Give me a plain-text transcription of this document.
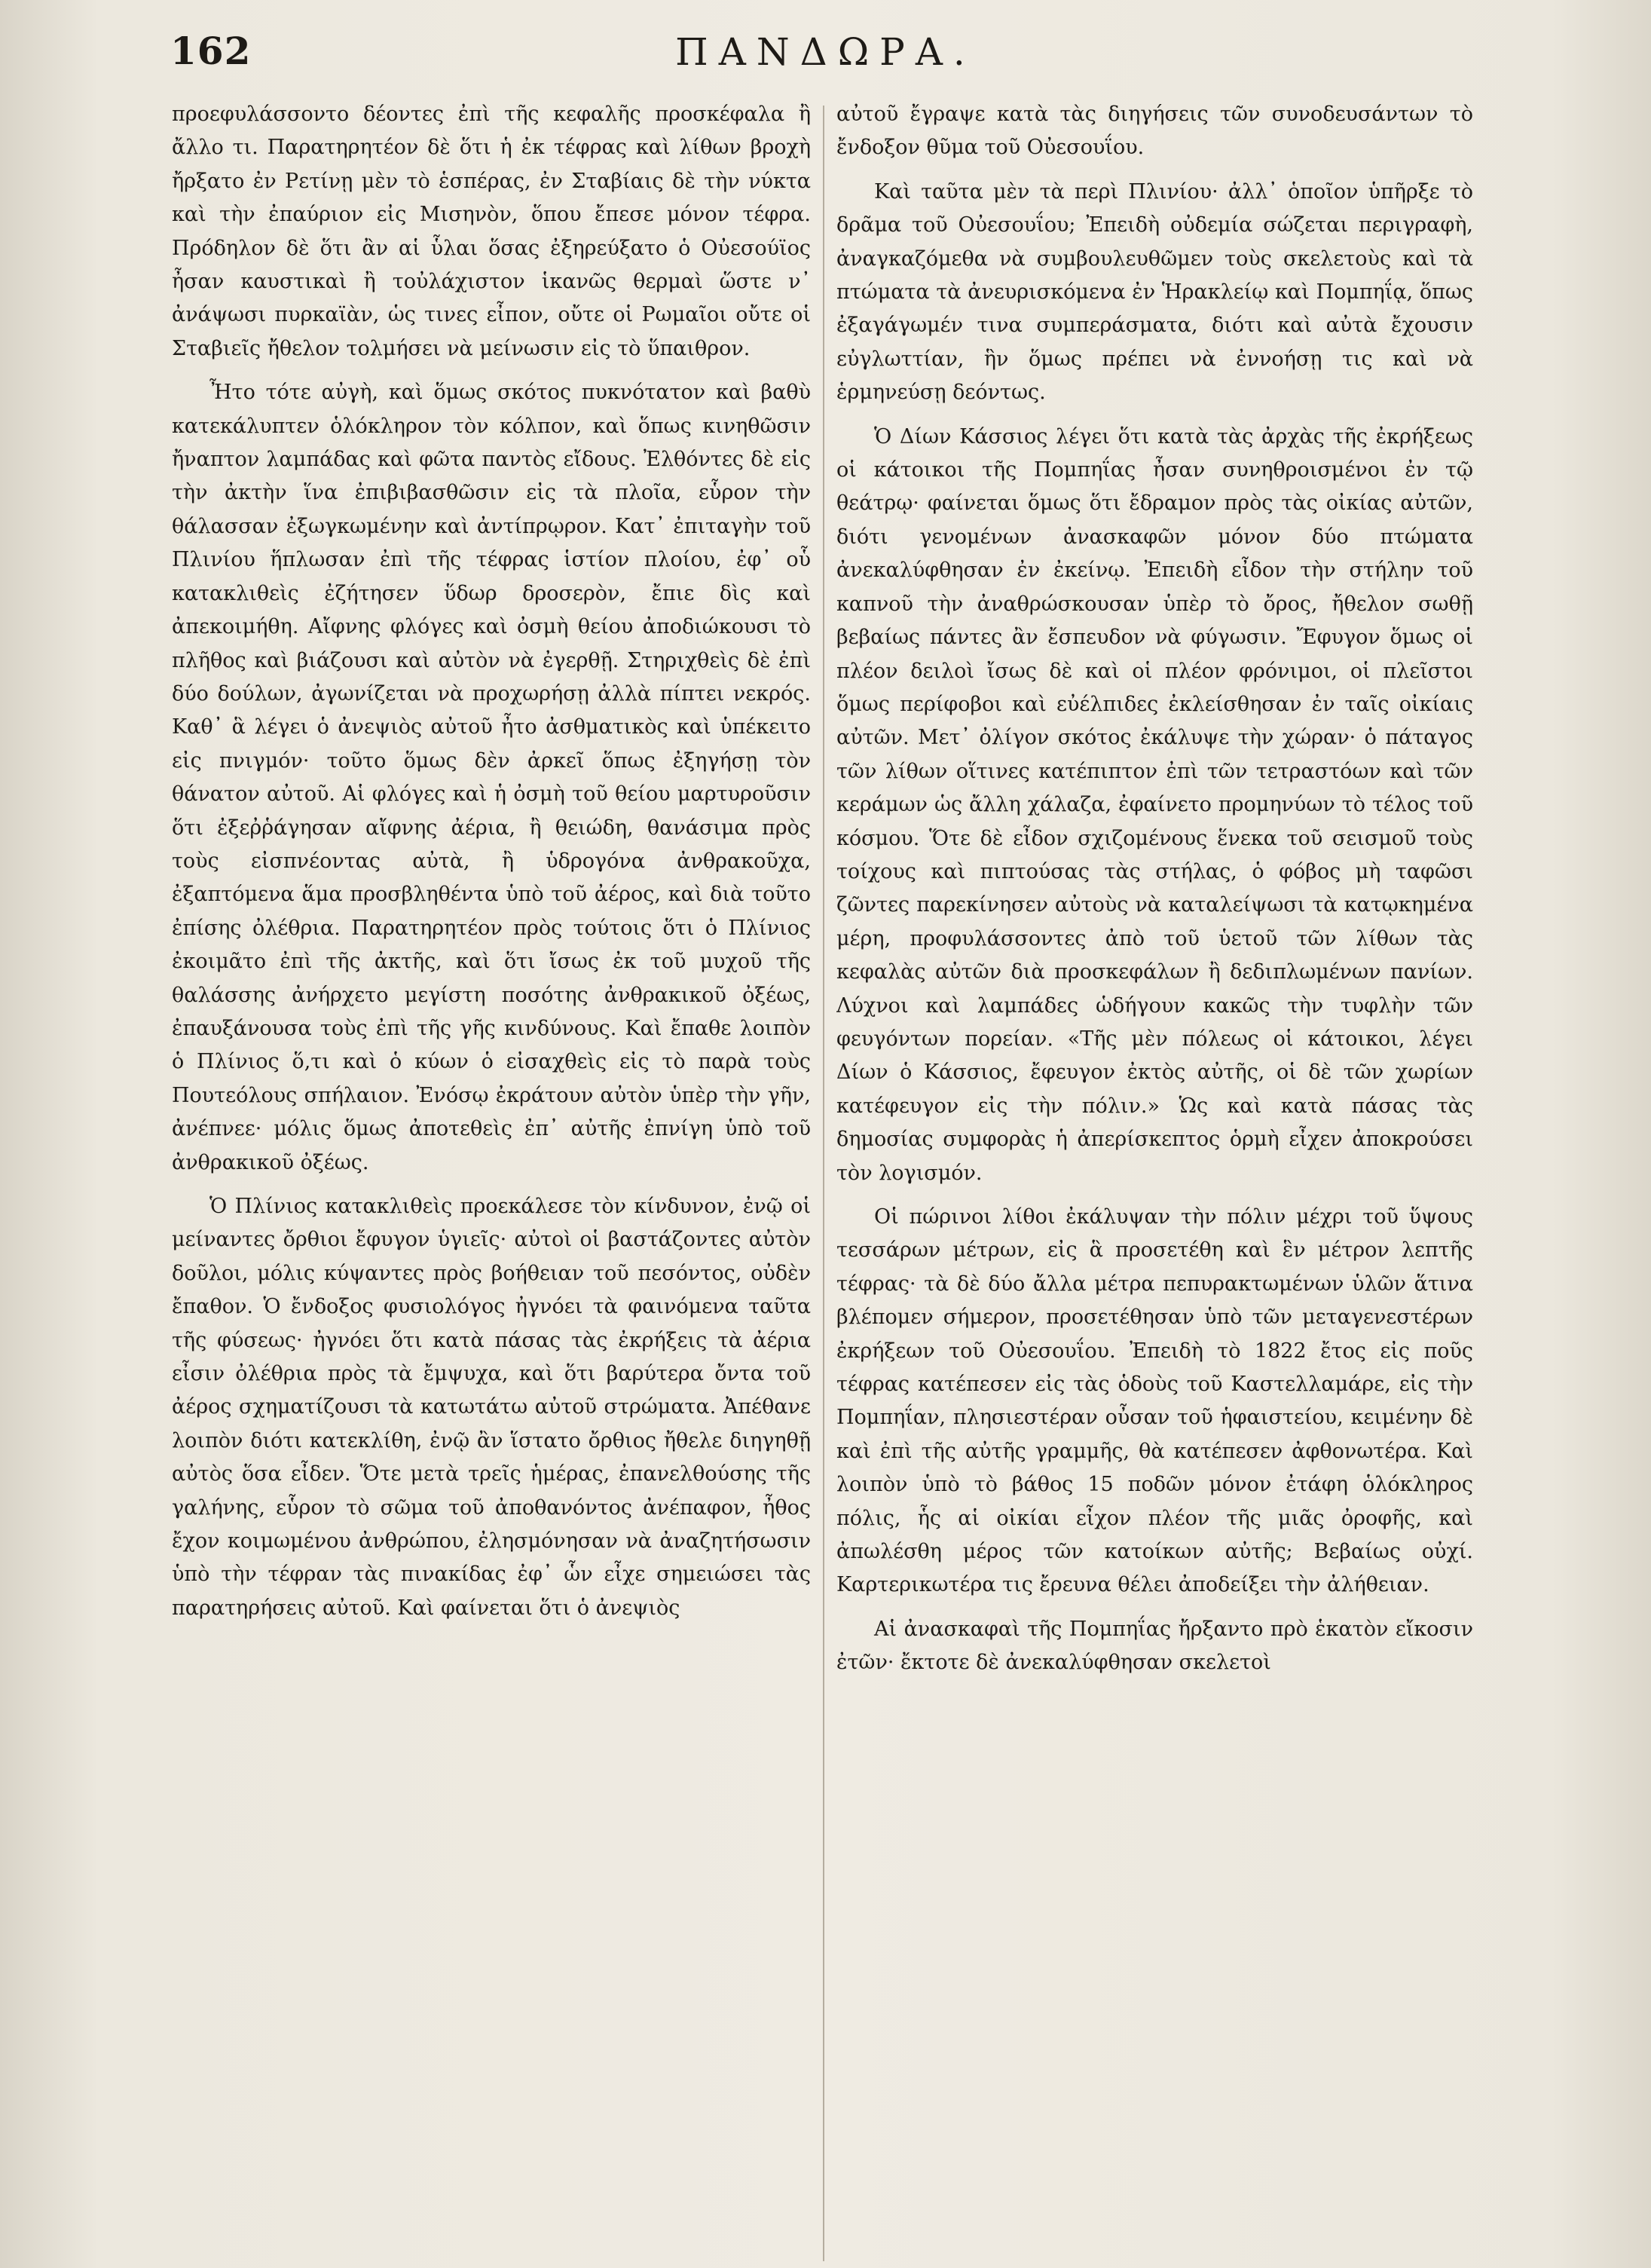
162	ΠΑΝΔΩΡΑ.

προεφυλάσσοντο δέοντες ἐπὶ τῆς κεφαλῆς προσκέφαλα ἢ ἄλλο τι. Παρατηρητέον δὲ ὅτι ἡ ἐκ τέφρας καὶ λίθων βροχὴ ἤρξατο ἐν Ρετίνῃ μὲν τὸ ἑσπέρας, ἐν Σταβίαις δὲ τὴν νύκτα καὶ τὴν ἐπαύριον εἰς Μισηνὸν, ὅπου ἔπεσε μόνον τέφρα. Πρόδηλον δὲ ὅτι ἂν αἱ ὗλαι ὅσας ἐξηρεύξατο ὁ Οὐεσούϊος ἦσαν καυστικαὶ ἢ τοὐλάχιστον ἱκανῶς θερμαὶ ὥστε ν᾽ ἀνάψωσι πυρκαϊὰν, ὡς τινες εἶπον, οὔτε οἱ Ρωμαῖοι οὔτε οἱ Σταβιεῖς ἤθελον τολμήσει νὰ μείνωσιν εἰς τὸ ὕπαιθρον.

Ἦτο τότε αὐγὴ, καὶ ὅμως σκότος πυκνότατον καὶ βαθὺ κατεκάλυπτεν ὁλόκληρον τὸν κόλπον, καὶ ὅπως κινηθῶσιν ἤναπτον λαμπάδας καὶ φῶτα παντὸς εἴδους. Ἐλθόντες δὲ εἰς τὴν ἀκτὴν ἵνα ἐπιβιβασθῶσιν εἰς τὰ πλοῖα, εὗρον τὴν θάλασσαν ἐξωγκωμένην καὶ ἀντίπρῳρον. Κατ᾽ ἐπιταγὴν τοῦ Πλινίου ἥπλωσαν ἐπὶ τῆς τέφρας ἱστίον πλοίου, ἐφ᾽ οὗ κατακλιθεὶς ἐζήτησεν ὕδωρ δροσερὸν, ἔπιε δὶς καὶ ἀπεκοιμήθη. Αἴφνης φλόγες καὶ ὀσμὴ θείου ἀποδιώκουσι τὸ πλῆθος καὶ βιάζουσι καὶ αὐτὸν νὰ ἐγερθῇ. Στηριχθεὶς δὲ ἐπὶ δύο δούλων, ἀγωνίζεται νὰ προχωρήσῃ ἀλλὰ πίπτει νεκρός. Καθ᾽ ἃ λέγει ὁ ἀνεψιὸς αὐτοῦ ἦτο ἀσθματικὸς καὶ ὑπέκειτο εἰς πνιγμόν· τοῦτο ὅμως δὲν ἀρκεῖ ὅπως ἐξηγήσῃ τὸν θάνατον αὐτοῦ. Αἱ φλόγες καὶ ἡ ὀσμὴ τοῦ θείου μαρτυροῦσιν ὅτι ἐξεῤῥάγησαν αἴφνης ἀέρια, ἢ θειώδη, θανάσιμα πρὸς τοὺς εἰσπνέοντας αὐτὰ, ἢ ὑδρογόνα ἀνθρακοῦχα, ἐξαπτόμενα ἅμα προσβληθέντα ὑπὸ τοῦ ἀέρος, καὶ διὰ τοῦτο ἐπίσης ὀλέθρια. Παρατηρητέον πρὸς τούτοις ὅτι ὁ Πλίνιος ἐκοιμᾶτο ἐπὶ τῆς ἀκτῆς, καὶ ὅτι ἴσως ἐκ τοῦ μυχοῦ τῆς θαλάσσης ἀνήρχετο μεγίστη ποσότης ἀνθρακικοῦ ὀξέως, ἐπαυξάνουσα τοὺς ἐπὶ τῆς γῆς κινδύνους. Καὶ ἔπαθε λοιπὸν ὁ Πλίνιος ὅ,τι καὶ ὁ κύων ὁ εἰσαχθεὶς εἰς τὸ παρὰ τοὺς Πουτεόλους σπήλαιον. Ἐνόσῳ ἐκράτουν αὐτὸν ὑπὲρ τὴν γῆν, ἀνέπνεε· μόλις ὅμως ἀποτεθεὶς ἐπ᾽ αὐτῆς ἐπνίγη ὑπὸ τοῦ ἀνθρακικοῦ ὀξέως.

Ὁ Πλίνιος κατακλιθεὶς προεκάλεσε τὸν κίνδυνον, ἐνῷ οἱ μείναντες ὄρθιοι ἔφυγον ὑγιεῖς· αὐτοὶ οἱ βαστάζοντες αὐτὸν δοῦλοι, μόλις κύψαντες πρὸς βοήθειαν τοῦ πεσόντος, οὐδὲν ἔπαθον. Ὁ ἔνδοξος φυσιολόγος ἠγνόει τὰ φαινόμενα ταῦτα τῆς φύσεως· ἠγνόει ὅτι κατὰ πάσας τὰς ἐκρήξεις τὰ ἀέρια εἶσιν ὀλέθρια πρὸς τὰ ἔμψυχα, καὶ ὅτι βαρύτερα ὄντα τοῦ ἀέρος σχηματίζουσι τὰ κατωτάτω αὐτοῦ στρώματα. Ἀπέθανε λοιπὸν διότι κατεκλίθη, ἐνῷ ἂν ἵστατο ὄρθιος ἤθελε διηγηθῇ αὐτὸς ὅσα εἶδεν. Ὅτε μετὰ τρεῖς ἡμέρας, ἐπανελθούσης τῆς γαλήνης, εὗρον τὸ σῶμα τοῦ ἀποθανόντος ἀνέπαφον, ἦθος ἔχον κοιμωμένου ἀνθρώπου, ἐλησμόνησαν νὰ ἀναζητήσωσιν ὑπὸ τὴν τέφραν τὰς πινακίδας ἐφ᾽ ὧν εἶχε σημειώσει τὰς παρατηρήσεις αὐτοῦ. Καὶ φαίνεται ὅτι ὁ ἀνεψιὸς

αὐτοῦ ἔγραψε κατὰ τὰς διηγήσεις τῶν συνοδευσάντων τὸ ἔνδοξον θῦμα τοῦ Οὐεσουΐου.

Καὶ ταῦτα μὲν τὰ περὶ Πλινίου· ἀλλ᾽ ὁποῖον ὑπῆρξε τὸ δρᾶμα τοῦ Οὐεσουΐου; Ἐπειδὴ οὐδεμία σώζεται περιγραφὴ, ἀναγκαζόμεθα νὰ συμβουλευθῶμεν τοὺς σκελετοὺς καὶ τὰ πτώματα τὰ ἀνευρισκόμενα ἐν Ἡρακλείῳ καὶ Πομπηΐᾳ, ὅπως ἐξαγάγωμέν τινα συμπεράσματα, διότι καὶ αὐτὰ ἔχουσιν εὐγλωττίαν, ἣν ὅμως πρέπει νὰ ἐννοήσῃ τις καὶ νὰ ἑρμηνεύσῃ δεόντως.

Ὁ Δίων Κάσσιος λέγει ὅτι κατὰ τὰς ἀρχὰς τῆς ἐκρήξεως οἱ κάτοικοι τῆς Πομπηΐας ἦσαν συνηθροισμένοι ἐν τῷ θεάτρῳ· φαίνεται ὅμως ὅτι ἔδραμον πρὸς τὰς οἰκίας αὐτῶν, διότι γενομένων ἀνασκαφῶν μόνον δύο πτώματα ἀνεκαλύφθησαν ἐν ἐκείνῳ. Ἐπειδὴ εἶδον τὴν στήλην τοῦ καπνοῦ τὴν ἀναθρώσκουσαν ὑπὲρ τὸ ὄρος, ἤθελον σωθῇ βεβαίως πάντες ἂν ἔσπευδον νὰ φύγωσιν. Ἔφυγον ὅμως οἱ πλέον δειλοὶ ἴσως δὲ καὶ οἱ πλέον φρόνιμοι, οἱ πλεῖστοι ὅμως περίφοβοι καὶ εὐέλπιδες ἐκλείσθησαν ἐν ταῖς οἰκίαις αὐτῶν. Μετ᾽ ὀλίγον σκότος ἐκάλυψε τὴν χώραν· ὁ πάταγος τῶν λίθων οἵτινες κατέπιπτον ἐπὶ τῶν τετραστόων καὶ τῶν κεράμων ὡς ἄλλη χάλαζα, ἐφαίνετο προμηνύων τὸ τέλος τοῦ κόσμου. Ὅτε δὲ εἶδον σχιζομένους ἕνεκα τοῦ σεισμοῦ τοὺς τοίχους καὶ πιπτούσας τὰς στήλας, ὁ φόβος μὴ ταφῶσι ζῶντες παρεκίνησεν αὐτοὺς νὰ καταλείψωσι τὰ κατῳκημένα μέρη, προφυλάσσοντες ἀπὸ τοῦ ὑετοῦ τῶν λίθων τὰς κεφαλὰς αὐτῶν διὰ προσκεφάλων ἢ δεδιπλωμένων πανίων. Λύχνοι καὶ λαμπάδες ὡδήγουν κακῶς τὴν τυφλὴν τῶν φευγόντων πορείαν. «Τῆς μὲν πόλεως οἱ κάτοικοι, λέγει Δίων ὁ Κάσσιος, ἔφευγον ἐκτὸς αὐτῆς, οἱ δὲ τῶν χωρίων κατέφευγον εἰς τὴν πόλιν.» Ὡς καὶ κατὰ πάσας τὰς δημοσίας συμφορὰς ἡ ἀπερίσκεπτος ὁρμὴ εἶχεν ἀποκρούσει τὸν λογισμόν.

Οἱ πώρινοι λίθοι ἐκάλυψαν τὴν πόλιν μέχρι τοῦ ὕψους τεσσάρων μέτρων, εἰς ἃ προσετέθη καὶ ἓν μέτρον λεπτῆς τέφρας· τὰ δὲ δύο ἄλλα μέτρα πεπυρακτωμένων ὑλῶν ἅτινα βλέπομεν σήμερον, προσετέθησαν ὑπὸ τῶν μεταγενεστέρων ἐκρήξεων τοῦ Οὐεσουΐου. Ἐπειδὴ τὸ 1822 ἔτος εἰς ποῦς τέφρας κατέπεσεν εἰς τὰς ὁδοὺς τοῦ Καστελλαμάρε, εἰς τὴν Πομπηΐαν, πλησιεστέραν οὖσαν τοῦ ἡφαιστείου, κειμένην δὲ καὶ ἐπὶ τῆς αὐτῆς γραμμῆς, θὰ κατέπεσεν ἀφθονωτέρα. Καὶ λοιπὸν ὑπὸ τὸ βάθος 15 ποδῶν μόνον ἐτάφη ὁλόκληρος πόλις, ἧς αἱ οἰκίαι εἶχον πλέον τῆς μιᾶς ὀροφῆς, καὶ ἀπωλέσθη μέρος τῶν κατοίκων αὐτῆς; Βεβαίως οὐχί. Καρτερικωτέρα τις ἔρευνα θέλει ἀποδείξει τὴν ἀλήθειαν.

Αἱ ἀνασκαφαὶ τῆς Πομπηΐας ἤρξαντο πρὸ ἑκατὸν εἴκοσιν ἐτῶν· ἔκτοτε δὲ ἀνεκαλύφθησαν σκελετοὶ
